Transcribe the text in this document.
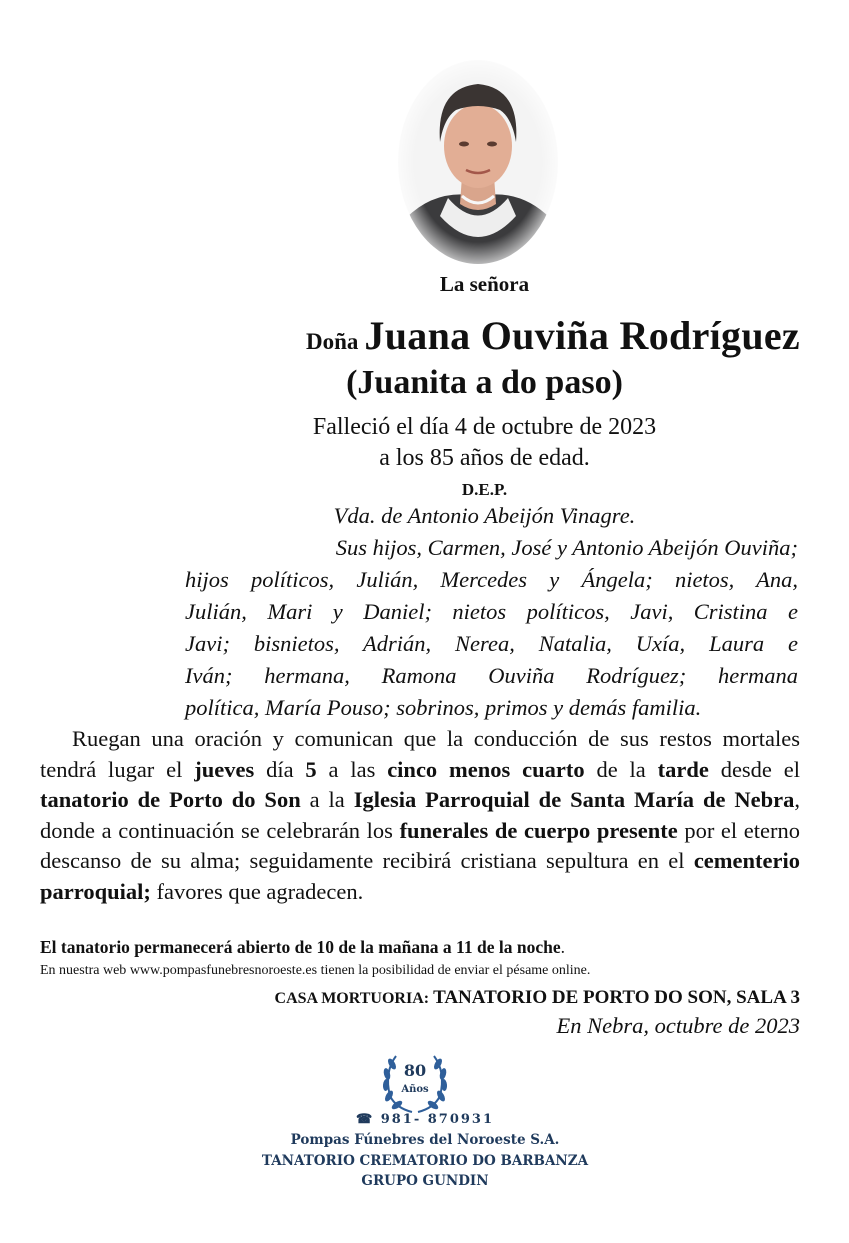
La señora
Doña Juana Ouviña Rodríguez
(Juanita a do paso)
Falleció el día 4 de octubre de 2023
a los 85 años de edad.
D.E.P.
Vda. de Antonio Abeijón Vinagre.
Sus hijos, Carmen, José y Antonio Abeijón Ouviña;
hijos políticos, Julián, Mercedes y Ángela; nietos, Ana,
Julián, Mari y Daniel; nietos políticos, Javi, Cristina e
Javi; bisnietos, Adrián, Nerea, Natalia, Uxía, Laura e
Iván; hermana, Ramona Ouviña Rodríguez; hermana
política, María Pouso; sobrinos, primos y demás familia.
Ruegan una oración y comunican que la conducción de sus restos mortales tendrá lugar el jueves día 5 a las cinco menos cuarto de la tarde desde el tanatorio de Porto do Son a la Iglesia Parroquial de Santa María de Nebra, donde a continuación se celebrarán los funerales de cuerpo presente por el eterno descanso de su alma; seguidamente recibirá cristiana sepultura en el cementerio parroquial; favores que agradecen.
El tanatorio permanecerá abierto de 10 de la mañana a 11 de la noche.
En nuestra web www.pompasfunebresnoroeste.es tienen la posibilidad de enviar el pésame online.
CASA MORTUORIA: TANATORIO DE PORTO DO SON, SALA 3
En Nebra, octubre de 2023
80
Años
☎ 981- 870931
Pompas Fúnebres del Noroeste S.A.
TANATORIO CREMATORIO DO BARBANZA
GRUPO GUNDIN
